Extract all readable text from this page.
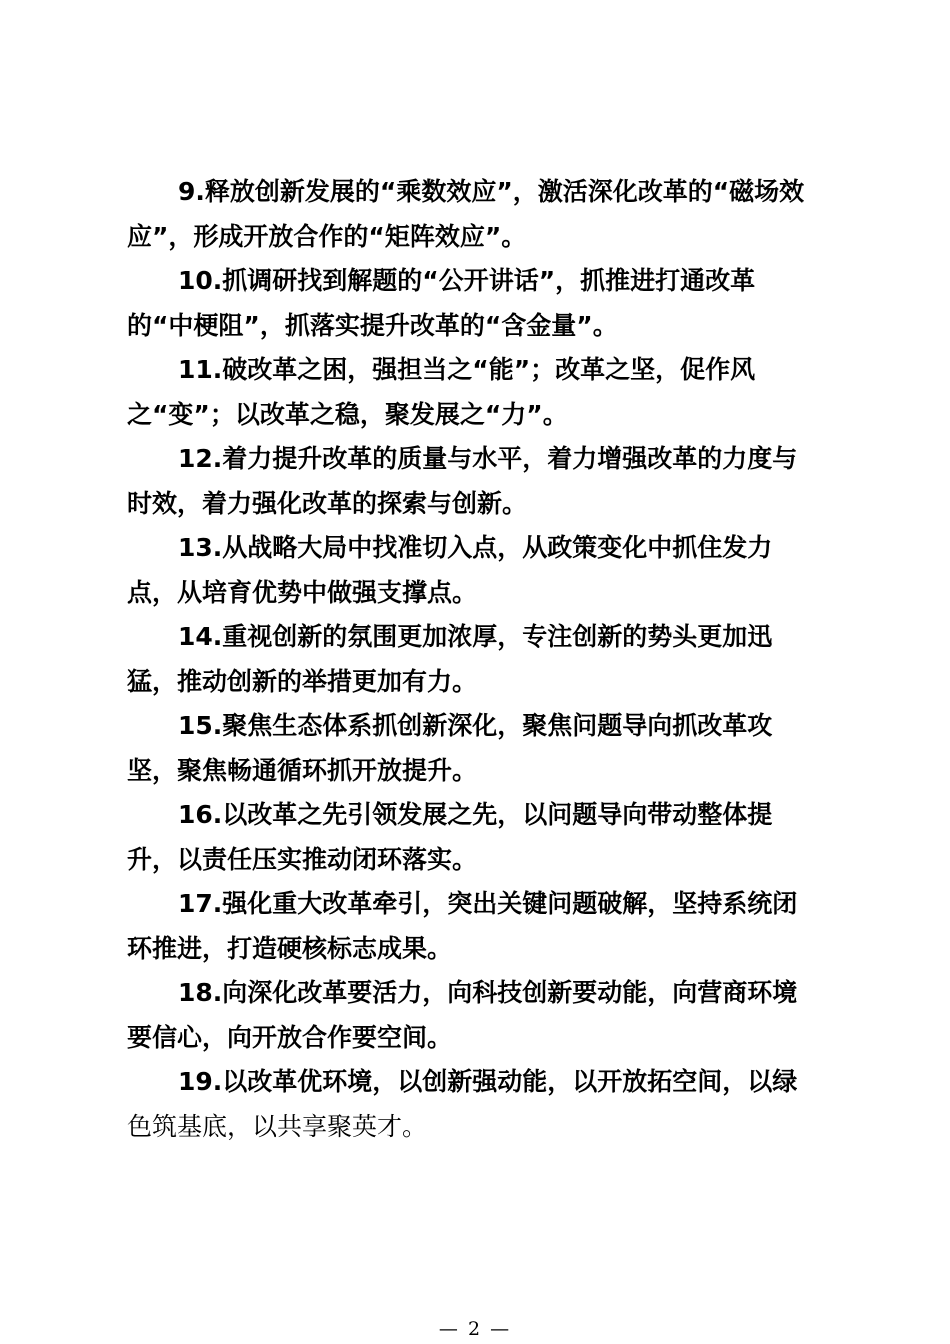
9.释放创新发展的“乘数效应”，激活深化改革的“磁场效
应”，形成开放合作的“矩阵效应”。

10.抓调研找到解题的“公开讲话”，抓推进打通改革
的“中梗阻”，抓落实提升改革的“含金量”。

11.破改革之困，强担当之“能”；改革之坚，促作风
之“变”；以改革之稳，聚发展之“力”。

12.着力提升改革的质量与水平，着力增强改革的力度与
时效，着力强化改革的探索与创新。

13.从战略大局中找准切入点，从政策变化中抓住发力
点，从培育优势中做强支撑点。

14.重视创新的氛围更加浓厚，专注创新的势头更加迅
猛，推动创新的举措更加有力。

15.聚焦生态体系抓创新深化，聚焦问题导向抓改革攻
坚，聚焦畅通循环抓开放提升。

16.以改革之先引领发展之先，以问题导向带动整体提
升，以责任压实推动闭环落实。

17.强化重大改革牵引，突出关键问题破解，坚持系统闭
环推进，打造硬核标志成果。

18.向深化改革要活力，向科技创新要动能，向营商环境
要信心，向开放合作要空间。

19.以改革优环境，以创新强动能，以开放拓空间，以绿
色筑基底，以共享聚英才。

— 2 —
